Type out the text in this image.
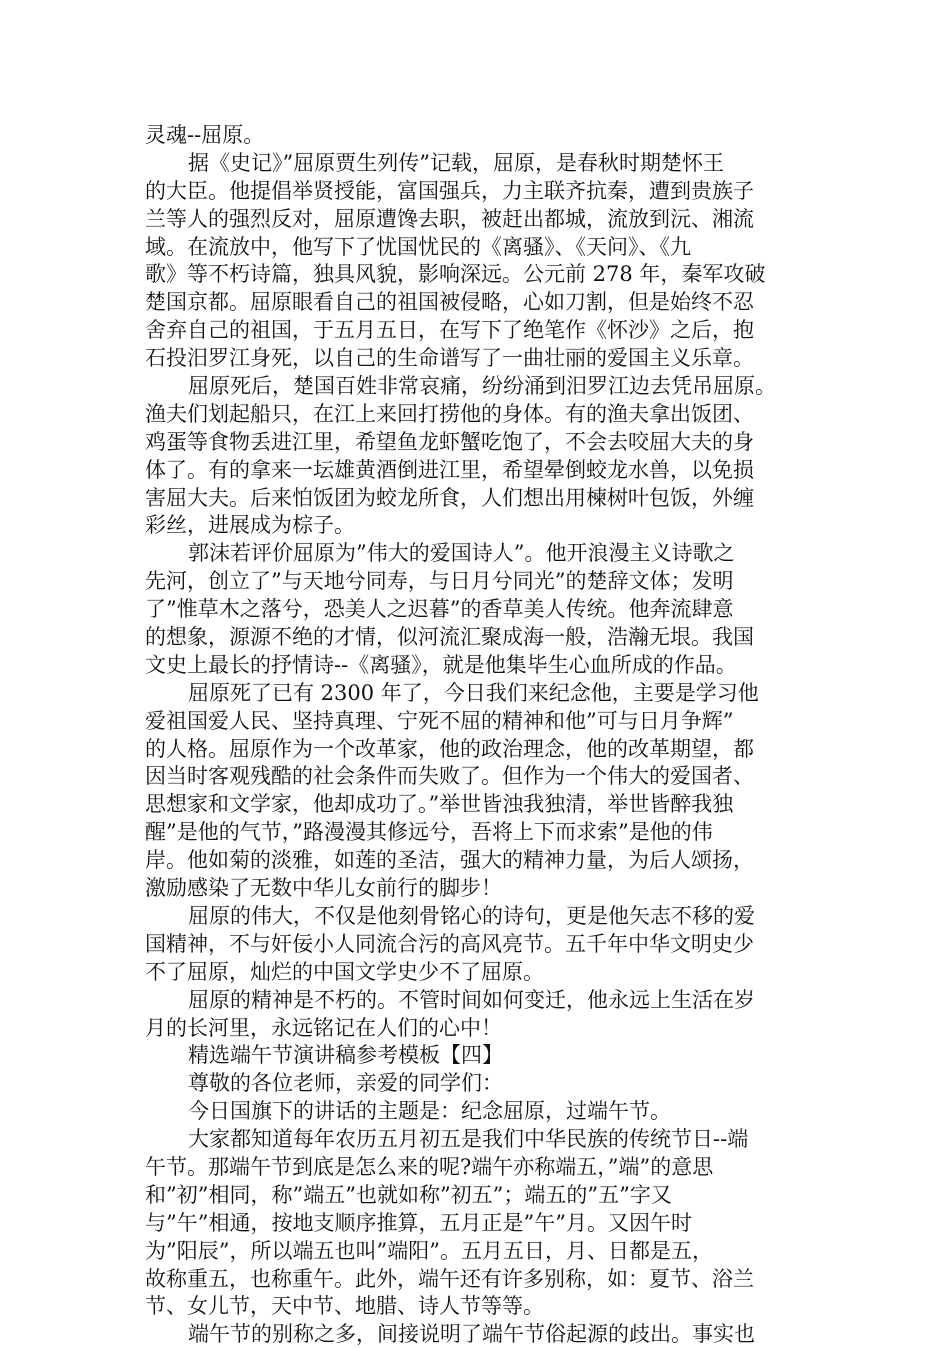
灵魂--屈原。
据《史记》”屈原贾生列传”记载，屈原，是春秋时期楚怀王
的大臣。他提倡举贤授能，富国强兵，力主联齐抗秦，遭到贵族子
兰等人的强烈反对，屈原遭馋去职，被赶出都城，流放到沅、湘流
域。在流放中，他写下了忧国忧民的《离骚》、《天问》、《九
歌》等不朽诗篇，独具风貌，影响深远。公元前 278 年，秦军攻破
楚国京都。屈原眼看自己的祖国被侵略，心如刀割，但是始终不忍
舍弃自己的祖国，于五月五日，在写下了绝笔作《怀沙》之后，抱
石投汨罗江身死，以自己的生命谱写了一曲壮丽的爱国主义乐章。
屈原死后，楚国百姓非常哀痛，纷纷涌到汨罗江边去凭吊屈原。
渔夫们划起船只，在江上来回打捞他的身体。有的渔夫拿出饭团、
鸡蛋等食物丢进江里，希望鱼龙虾蟹吃饱了，不会去咬屈大夫的身
体了。有的拿来一坛雄黄酒倒进江里，希望晕倒蛟龙水兽，以免损
害屈大夫。后来怕饭团为蛟龙所食，人们想出用楝树叶包饭，外缠
彩丝，进展成为棕子。
郭沫若评价屈原为”伟大的爱国诗人”。他开浪漫主义诗歌之
先河，创立了”与天地兮同寿，与日月兮同光”的楚辞文体；发明
了”惟草木之落兮，恐美人之迟暮”的香草美人传统。他奔流肆意
的想象，源源不绝的才情，似河流汇聚成海一般，浩瀚无垠。我国
文史上最长的抒情诗--《离骚》，就是他集毕生心血所成的作品。
屈原死了已有 2300 年了，今日我们来纪念他，主要是学习他
爱祖国爱人民、坚持真理、宁死不屈的精神和他”可与日月争辉”
的人格。屈原作为一个改革家，他的政治理念，他的改革期望，都
因当时客观残酷的社会条件而失败了。但作为一个伟大的爱国者、
思想家和文学家，他却成功了。”举世皆浊我独清，举世皆醉我独
醒”是他的气节，”路漫漫其修远兮，吾将上下而求索”是他的伟
岸。他如菊的淡雅，如莲的圣洁，强大的精神力量，为后人颂扬，
激励感染了无数中华儿女前行的脚步！
屈原的伟大，不仅是他刻骨铭心的诗句，更是他矢志不移的爱
国精神，不与奸佞小人同流合污的高风亮节。五千年中华文明史少
不了屈原，灿烂的中国文学史少不了屈原。
屈原的精神是不朽的。不管时间如何变迁，他永远上生活在岁
月的长河里，永远铭记在人们的心中！
精选端午节演讲稿参考模板【四】
尊敬的各位老师，亲爱的同学们：
今日国旗下的讲话的主题是：纪念屈原，过端午节。
大家都知道每年农历五月初五是我们中华民族的传统节日--端
午节。那端午节到底是怎么来的呢?端午亦称端五，”端”的意思
和”初”相同，称”端五”也就如称”初五”；端五的”五”字又
与”午”相通，按地支顺序推算，五月正是”午”月。又因午时
为”阳辰”，所以端五也叫”端阳”。五月五日，月、日都是五，
故称重五，也称重午。此外，端午还有许多别称，如：夏节、浴兰
节、女儿节，天中节、地腊、诗人节等等。
端午节的别称之多，间接说明了端午节俗起源的歧出。事实也
